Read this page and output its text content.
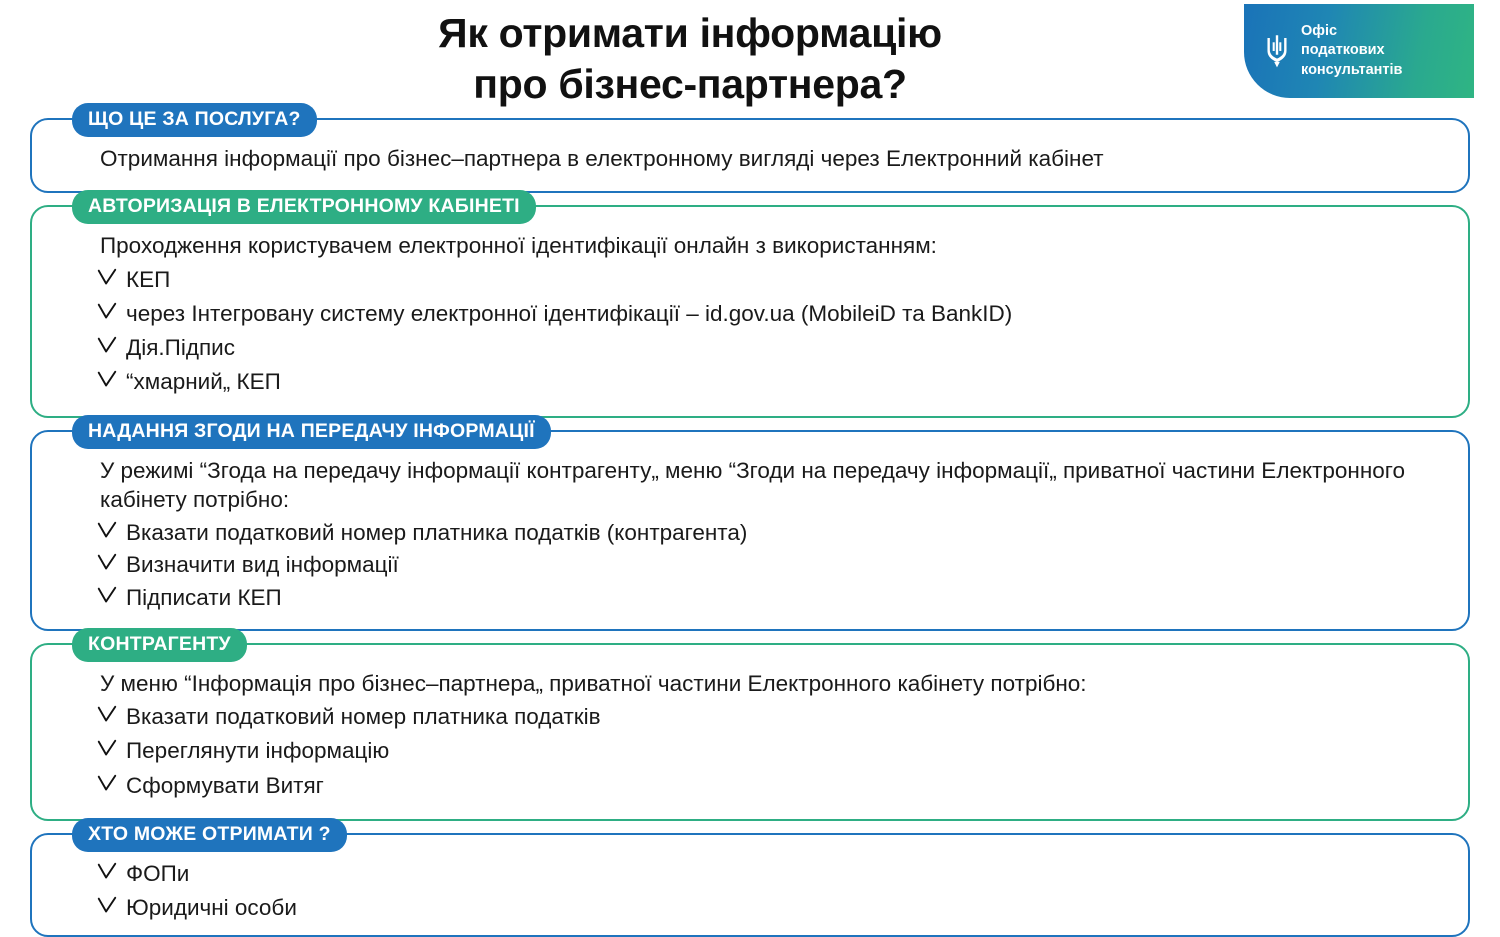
Як отримати інформацію
про бізнес-партнера?
Офіс
податкових
консультантів
ЩО ЦЕ ЗА ПОСЛУГА?
Отримання інформації про бізнес–партнера в електронному вигляді через Електронний кабінет
АВТОРИЗАЦІЯ В ЕЛЕКТРОННОМУ КАБІНЕТІ
Проходження користувачем електронної ідентифікації онлайн з використанням:
КЕП
через Інтегровану систему електронної ідентифікації – id.gov.ua (MobileiD та BankID)
Дія.Підпис
“хмарний„ КЕП
НАДАННЯ ЗГОДИ НА ПЕРЕДАЧУ ІНФОРМАЦІЇ
У режимі “Згода на передачу інформації контрагенту„ меню “Згоди на передачу інформації„ приватної частини Електронного кабінету потрібно:
Вказати податковий номер платника податків (контрагента)
Визначити вид інформації
Підписати КЕП
КОНТРАГЕНТУ
У меню “Інформація про бізнес–партнера„ приватної частини Електронного кабінету потрібно:
Вказати податковий номер платника податків
Переглянути інформацію
Сформувати Витяг
ХТО МОЖЕ ОТРИМАТИ ?
ФОПи
Юридичні особи
